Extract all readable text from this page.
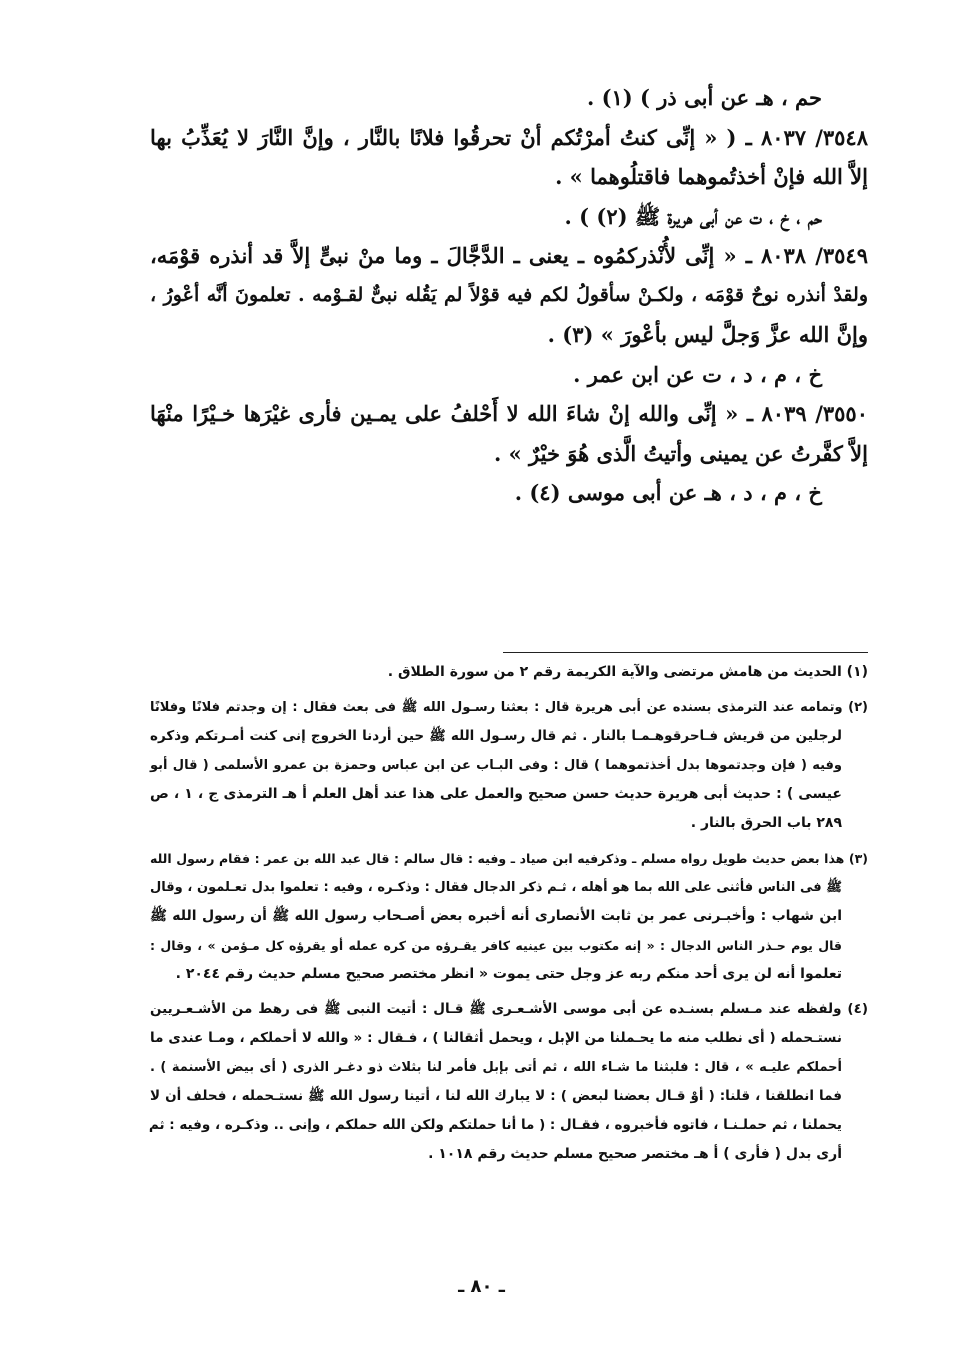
حم ، هـ عن أبى ذر ) (١) .
٣٥٤٨/ ٨٠٣٧ ـ ( « إنِّى كنتُ أمرْتُكم أنْ تحرقُوا فلانًا بالنَّار ، وإنَّ النَّارَ لا يُعَذِّبُ بها
إلاَّ الله فإنْ أخذتُموهما فاقتلُوهما » .
حم ، خ ، ت عن أبى هريرة ﷺ (٢) ) .
٣٥٤٩/ ٨٠٣٨ ـ « إنِّى لأُنْذركمُوه ـ يعنى ـ الدَّجَّالَ ـ وما منْ نبىٍّ إلاَّ قد أنذره قوْمَه،
ولقدْ أنذره نوحٌ قوْمَه ، ولكـنْ سأقولُ لكم فيه قوْلاً لم يَقُله نبىٌّ لقـوْمه . تعلمونَ أنَّه أعْورُ ،
وإنَّ الله عزَّ وَجلَّ ليس بأعْورَ » (٣) .
خ ، م ، د ، ت عن ابن عمر .
٣٥٥٠/ ٨٠٣٩ ـ « إنِّى والله إنْ شاءَ الله لا أَحْلفُ على يمـين فأرى غيْرَها خـيْرًا منْهَا
إلاَّ كفَّرتُ عن يمينى وأتيتُ الَّذى هُوَ خيْرٌ » .
خ ، م ، د ، هـ عن أبى موسى (٤) .
(١) الحديث من هامش مرتضى والآية الكريمة رقم ٢ من سورة الطلاق .
(٢) وتمامه عند الترمذى بسنده عن أبى هريرة قال : بعثنا رسـول الله ﷺ فى بعث فقال : إن وجدتم فلانًا وفلانًا
لرجلين من قريش فـاحرقوهـمـا بالنار . ثم قال رسـول الله ﷺ حين أردنا الخروج إنى كنت أمـرتكم وذكره
وفيه ( فإن وجدتموها بدل أخذتموهما ) قال : وفى البـاب عن ابن عباس وحمزة بن عمرو الأسلمى ( قال أبو
عيسى ) : حديث أبى هريرة حديث حسن صحيح والعمل على هذا عند أهل العلم أ هـ الترمذى ج ، ١ ، ص
٢٨٩ باب الحرق بالنار .
(٣) هذا بعض حديث طويل رواه مسلم ـ وذكرفيه ابن صياد ـ وفيه : قال سالم : قال عبد الله بن عمر : فقام رسول الله
ﷺ فى الناس فأثنى على الله بما هو أهله ، ثـم ذكر الدجال فقال : وذكـره ، وفيه : تعلموا بدل تعـلمون ، وقال
ابن شهاب : وأخبـرنى عمر بن ثابت الأنصارى أنه أخبره بعض أصـحاب رسول الله ﷺ أن رسول الله ﷺ
قال يوم حـذر الناس الدجال : « إنه مكتوب بين عينيه كافر يقـرؤه من كره عمله أو يقرؤه كل مـؤمن » ، وقال :
تعلموا أنه لن يرى أحد منكم ربه عز وجل حتى يموت « انظر مختصر صحيح مسلم حديث رقم ٢٠٤٤ .
(٤) ولفظه عند مـسلم بسنـده عن أبى موسى الأشـعـرى ﷺ قـال : أتيت النبى ﷺ فى رهط من الأشـعـريين
نستـحمله ( أى نطلب منه ما يحـملنا من الإبل ، ويحمل أثقالنا ) ، فـقال : « والله لا أحملكم ، ومـا عندى ما
أحملكم عليـه » ، قال : فلبثنا ما شـاء الله ، ثم أتى بإبل فأمر لنا بثلاث ذو دغـر الذرى ( أى بيض الأسنمة ) .
فما انطلقنا ، قلنا: ( أوْ قـال بعضنا لبعض ) : لا يبارك الله لنا ، أتينا رسول الله ﷺ نستـحمله ، فحلف أن لا
يحملنا ، ثم حملـنـا ، فاتوه فأخبروه ، فقـال : ( ما أنا حملتكم ولكن الله حملكم ، وإنى .. وذكـره ، وفيه : ثم
أرى بدل ( فأرى ) أ هـ مختصر صحيح مسلم حديث رقم ١٠١٨ .
ـ ٨٠ ـ
